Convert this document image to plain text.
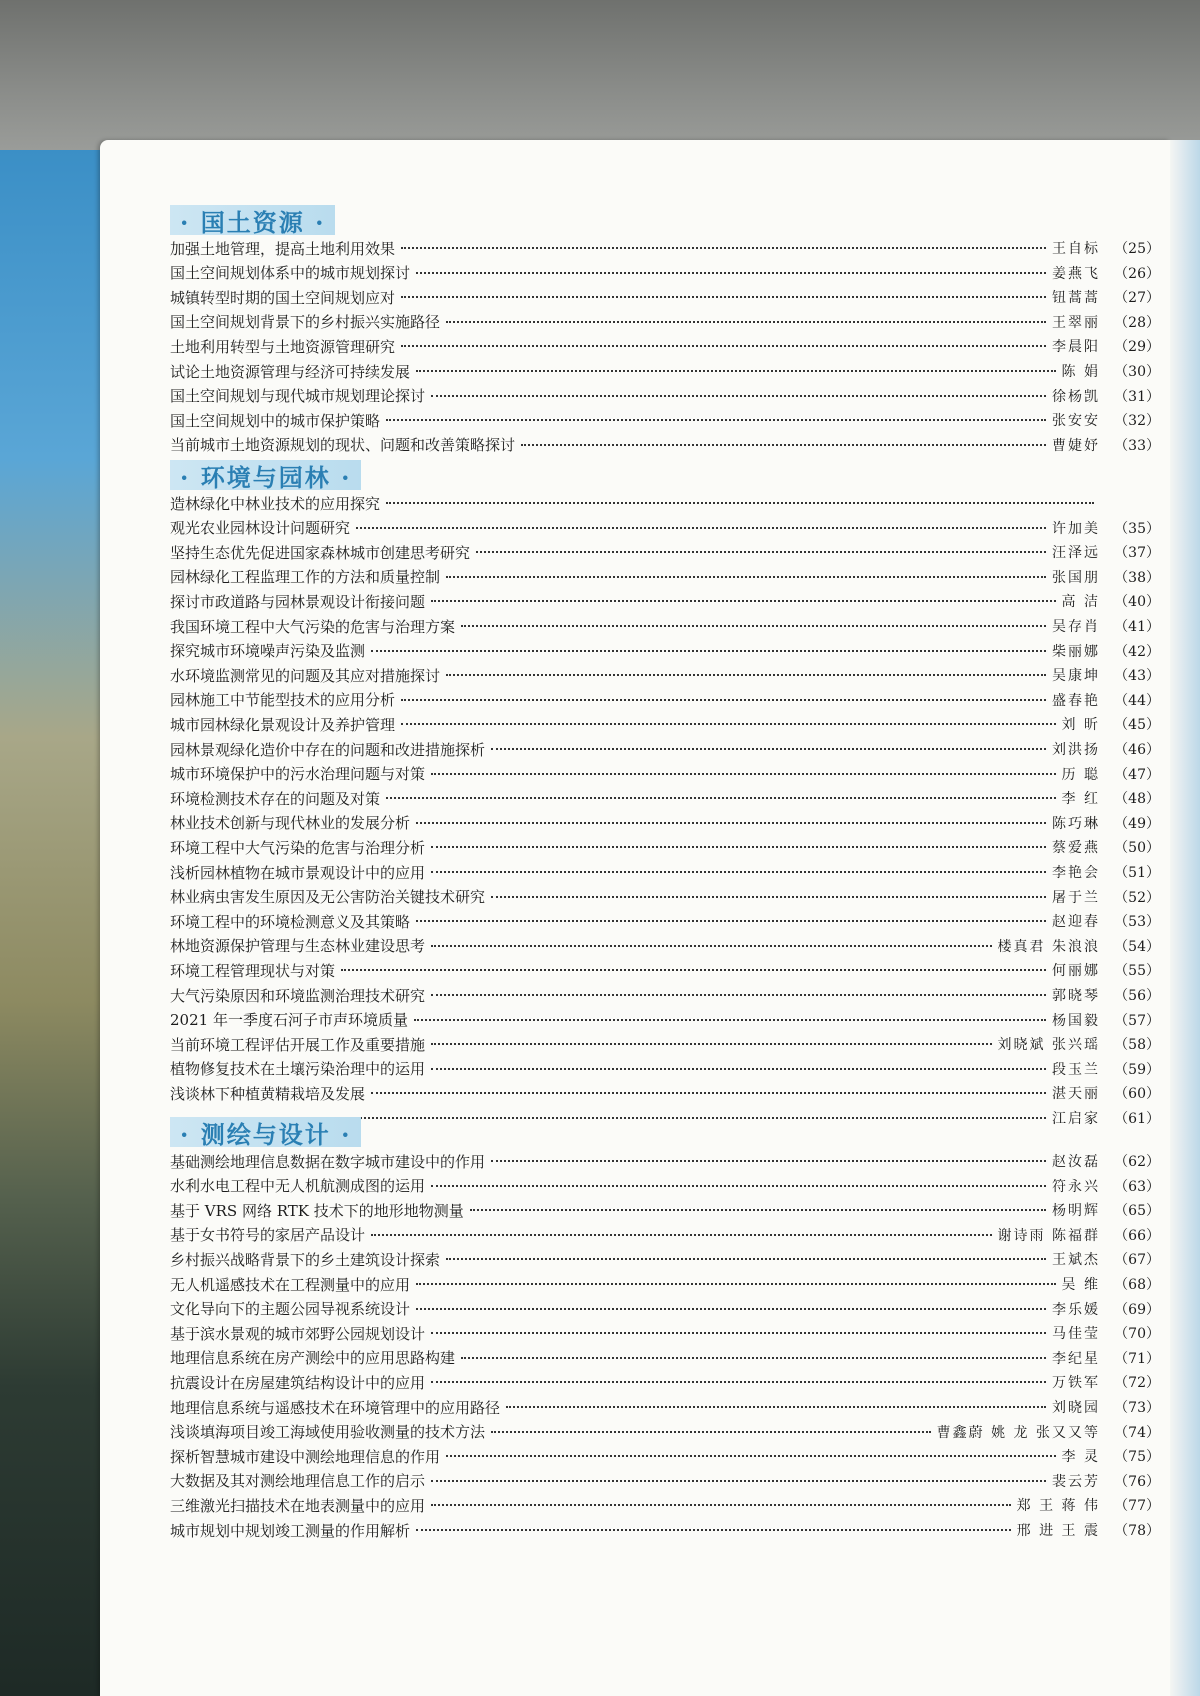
· 国土资源 ·
加强土地管理，提高土地利用效果	王自标	（25）
国土空间规划体系中的城市规划探讨	姜燕飞	（26）
城镇转型时期的国土空间规划应对	钮蒿蒿	（27）
国土空间规划背景下的乡村振兴实施路径	王翠丽	（28）
土地利用转型与土地资源管理研究	李晨阳	（29）
试论土地资源管理与经济可持续发展	陈 娟	（30）
国土空间规划与现代城市规划理论探讨	徐杨凯	（31）
国土空间规划中的城市保护策略	张安安	（32）
当前城市土地资源规划的现状、问题和改善策略探讨	曹婕妤	（33）
· 环境与园林 ·
造林绿化中林业技术的应用探究
观光农业园林设计问题研究	许加美	（35）
坚持生态优先促进国家森林城市创建思考研究	汪泽远	（37）
园林绿化工程监理工作的方法和质量控制	张国朋	（38）
探讨市政道路与园林景观设计衔接问题	高 洁	（40）
我国环境工程中大气污染的危害与治理方案	吴存肖	（41）
探究城市环境噪声污染及监测	柴丽娜	（42）
水环境监测常见的问题及其应对措施探讨	吴康坤	（43）
园林施工中节能型技术的应用分析	盛春艳	（44）
城市园林绿化景观设计及养护管理	刘 昕	（45）
园林景观绿化造价中存在的问题和改进措施探析	刘洪扬	（46）
城市环境保护中的污水治理问题与对策	历 聪	（47）
环境检测技术存在的问题及对策	李 红	（48）
林业技术创新与现代林业的发展分析	陈巧琳	（49）
环境工程中大气污染的危害与治理分析	蔡爱燕	（50）
浅析园林植物在城市景观设计中的应用	李艳会	（51）
林业病虫害发生原因及无公害防治关键技术研究	屠于兰	（52）
环境工程中的环境检测意义及其策略	赵迎春	（53）
林地资源保护管理与生态林业建设思考	楼真君 朱浪浪	（54）
环境工程管理现状与对策	何丽娜	（55）
大气污染原因和环境监测治理技术研究	郭晓琴	（56）
2021 年一季度石河子市声环境质量	杨国毅	（57）
当前环境工程评估开展工作及重要措施	刘晓斌 张兴瑶	（58）
植物修复技术在土壤污染治理中的运用	段玉兰	（59）
浅谈林下种植黄精栽培及发展	湛天丽	（60）
江启家	（61）
· 测绘与设计 ·
基础测绘地理信息数据在数字城市建设中的作用	赵汝磊	（62）
水利水电工程中无人机航测成图的运用	符永兴	（63）
基于 VRS 网络 RTK 技术下的地形地物测量	杨明辉	（65）
基于女书符号的家居产品设计	谢诗雨 陈福群	（66）
乡村振兴战略背景下的乡土建筑设计探索	王斌杰	（67）
无人机遥感技术在工程测量中的应用	吴 维	（68）
文化导向下的主题公园导视系统设计	李乐媛	（69）
基于滨水景观的城市郊野公园规划设计	马佳莹	（70）
地理信息系统在房产测绘中的应用思路构建	李纪星	（71）
抗震设计在房屋建筑结构设计中的应用	万铁军	（72）
地理信息系统与遥感技术在环境管理中的应用路径	刘晓园	（73）
浅谈填海项目竣工海域使用验收测量的技术方法	曹鑫蔚 姚 龙 张又又等	（74）
探析智慧城市建设中测绘地理信息的作用	李 灵	（75）
大数据及其对测绘地理信息工作的启示	裴云芳	（76）
三维激光扫描技术在地表测量中的应用	郑 王 蒋 伟	（77）
城市规划中规划竣工测量的作用解析	邢 进 王 震	（78）
